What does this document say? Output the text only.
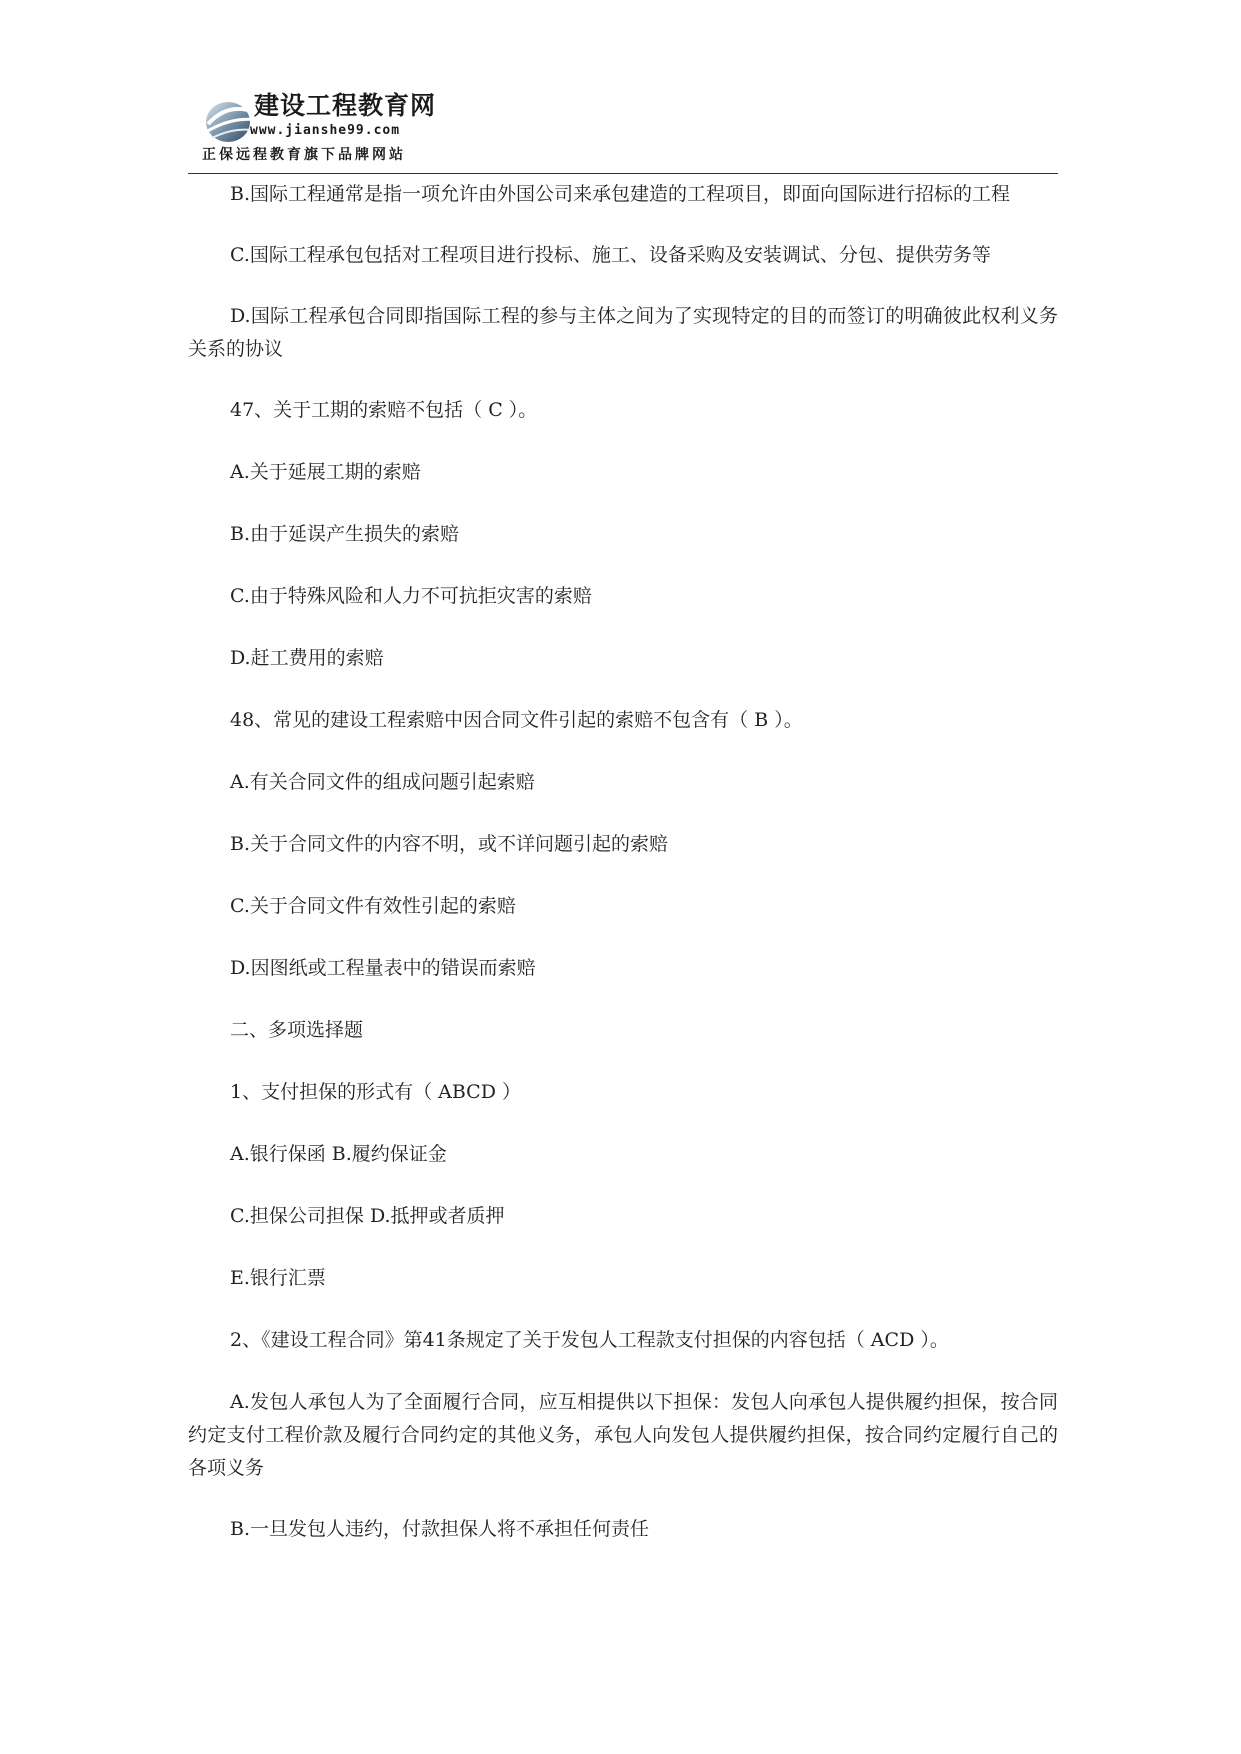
建设工程教育网
www.jianshe99.com
正保远程教育旗下品牌网站

B.国际工程通常是指一项允许由外国公司来承包建造的工程项目，即面向国际进行招标的工程

C.国际工程承包包括对工程项目进行投标、施工、设备采购及安装调试、分包、提供劳务等

D.国际工程承包合同即指国际工程的参与主体之间为了实现特定的目的而签订的明确彼此权利义务关系的协议

47、关于工期的索赔不包括（ C ）。

A.关于延展工期的索赔

B.由于延误产生损失的索赔

C.由于特殊风险和人力不可抗拒灾害的索赔

D.赶工费用的索赔

48、常见的建设工程索赔中因合同文件引起的索赔不包含有（ B ）。

A.有关合同文件的组成问题引起索赔

B.关于合同文件的内容不明，或不详问题引起的索赔

C.关于合同文件有效性引起的索赔

D.因图纸或工程量表中的错误而索赔

二、多项选择题

1、支付担保的形式有（ ABCD ）

A.银行保函 B.履约保证金

C.担保公司担保 D.抵押或者质押

E.银行汇票

2、《建设工程合同》第41条规定了关于发包人工程款支付担保的内容包括（ ACD ）。

A.发包人承包人为了全面履行合同，应互相提供以下担保：发包人向承包人提供履约担保，按合同约定支付工程价款及履行合同约定的其他义务，承包人向发包人提供履约担保，按合同约定履行自己的各项义务

B.一旦发包人违约，付款担保人将不承担任何责任
